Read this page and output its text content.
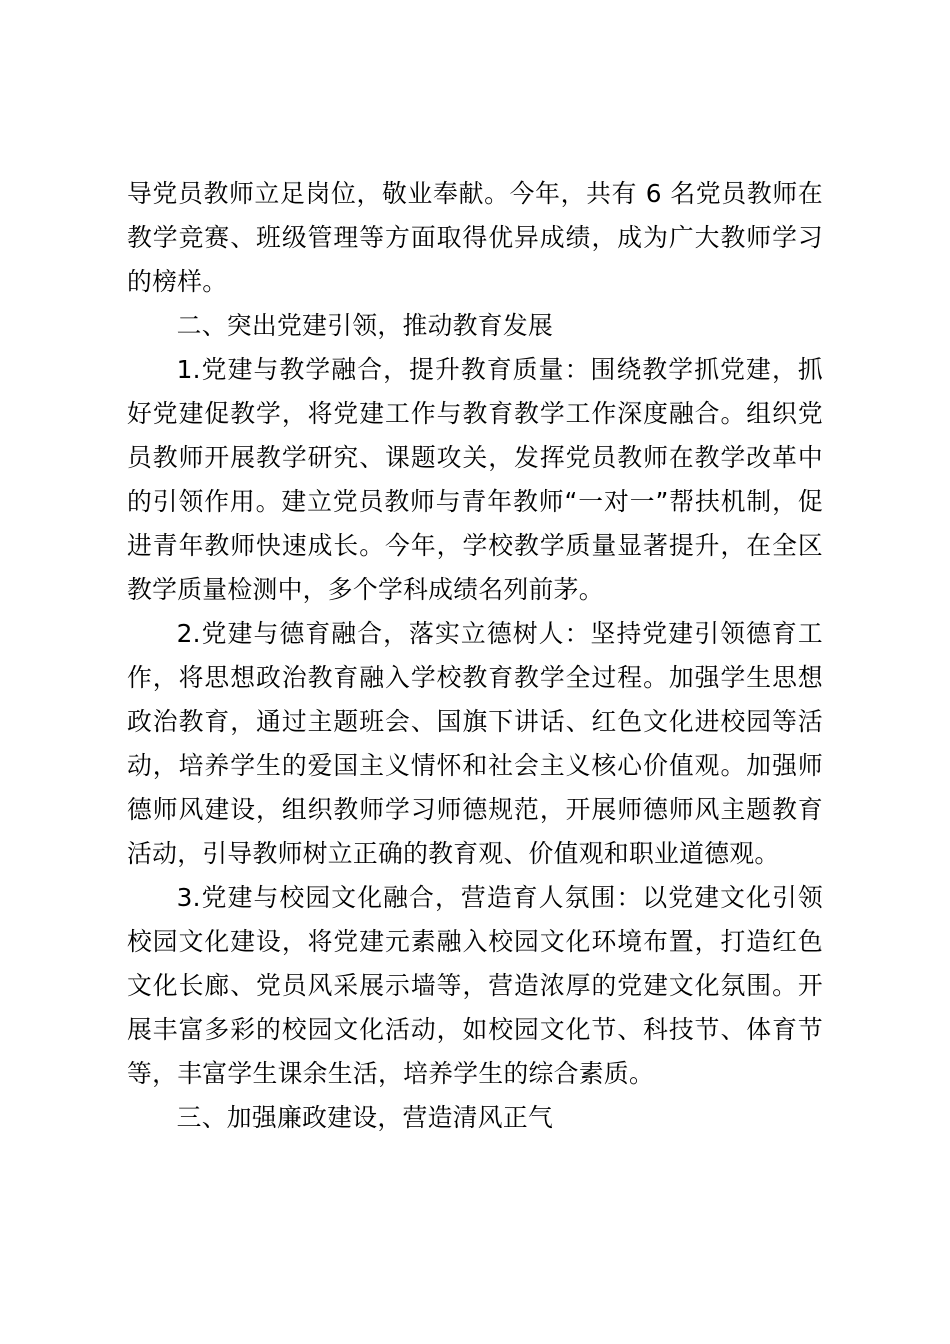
导党员教师立足岗位，敬业奉献。今年，共有 6 名党员教师在教学竞赛、班级管理等方面取得优异成绩，成为广大教师学习的榜样。

二、突出党建引领，推动教育发展

1.党建与教学融合，提升教育质量：围绕教学抓党建，抓好党建促教学，将党建工作与教育教学工作深度融合。组织党员教师开展教学研究、课题攻关，发挥党员教师在教学改革中的引领作用。建立党员教师与青年教师“一对一”帮扶机制，促进青年教师快速成长。今年，学校教学质量显著提升，在全区教学质量检测中，多个学科成绩名列前茅。

2.党建与德育融合，落实立德树人：坚持党建引领德育工作，将思想政治教育融入学校教育教学全过程。加强学生思想政治教育，通过主题班会、国旗下讲话、红色文化进校园等活动，培养学生的爱国主义情怀和社会主义核心价值观。加强师德师风建设，组织教师学习师德规范，开展师德师风主题教育活动，引导教师树立正确的教育观、价值观和职业道德观。

3.党建与校园文化融合，营造育人氛围：以党建文化引领校园文化建设，将党建元素融入校园文化环境布置，打造红色文化长廊、党员风采展示墙等，营造浓厚的党建文化氛围。开展丰富多彩的校园文化活动，如校园文化节、科技节、体育节等，丰富学生课余生活，培养学生的综合素质。

三、加强廉政建设，营造清风正气
